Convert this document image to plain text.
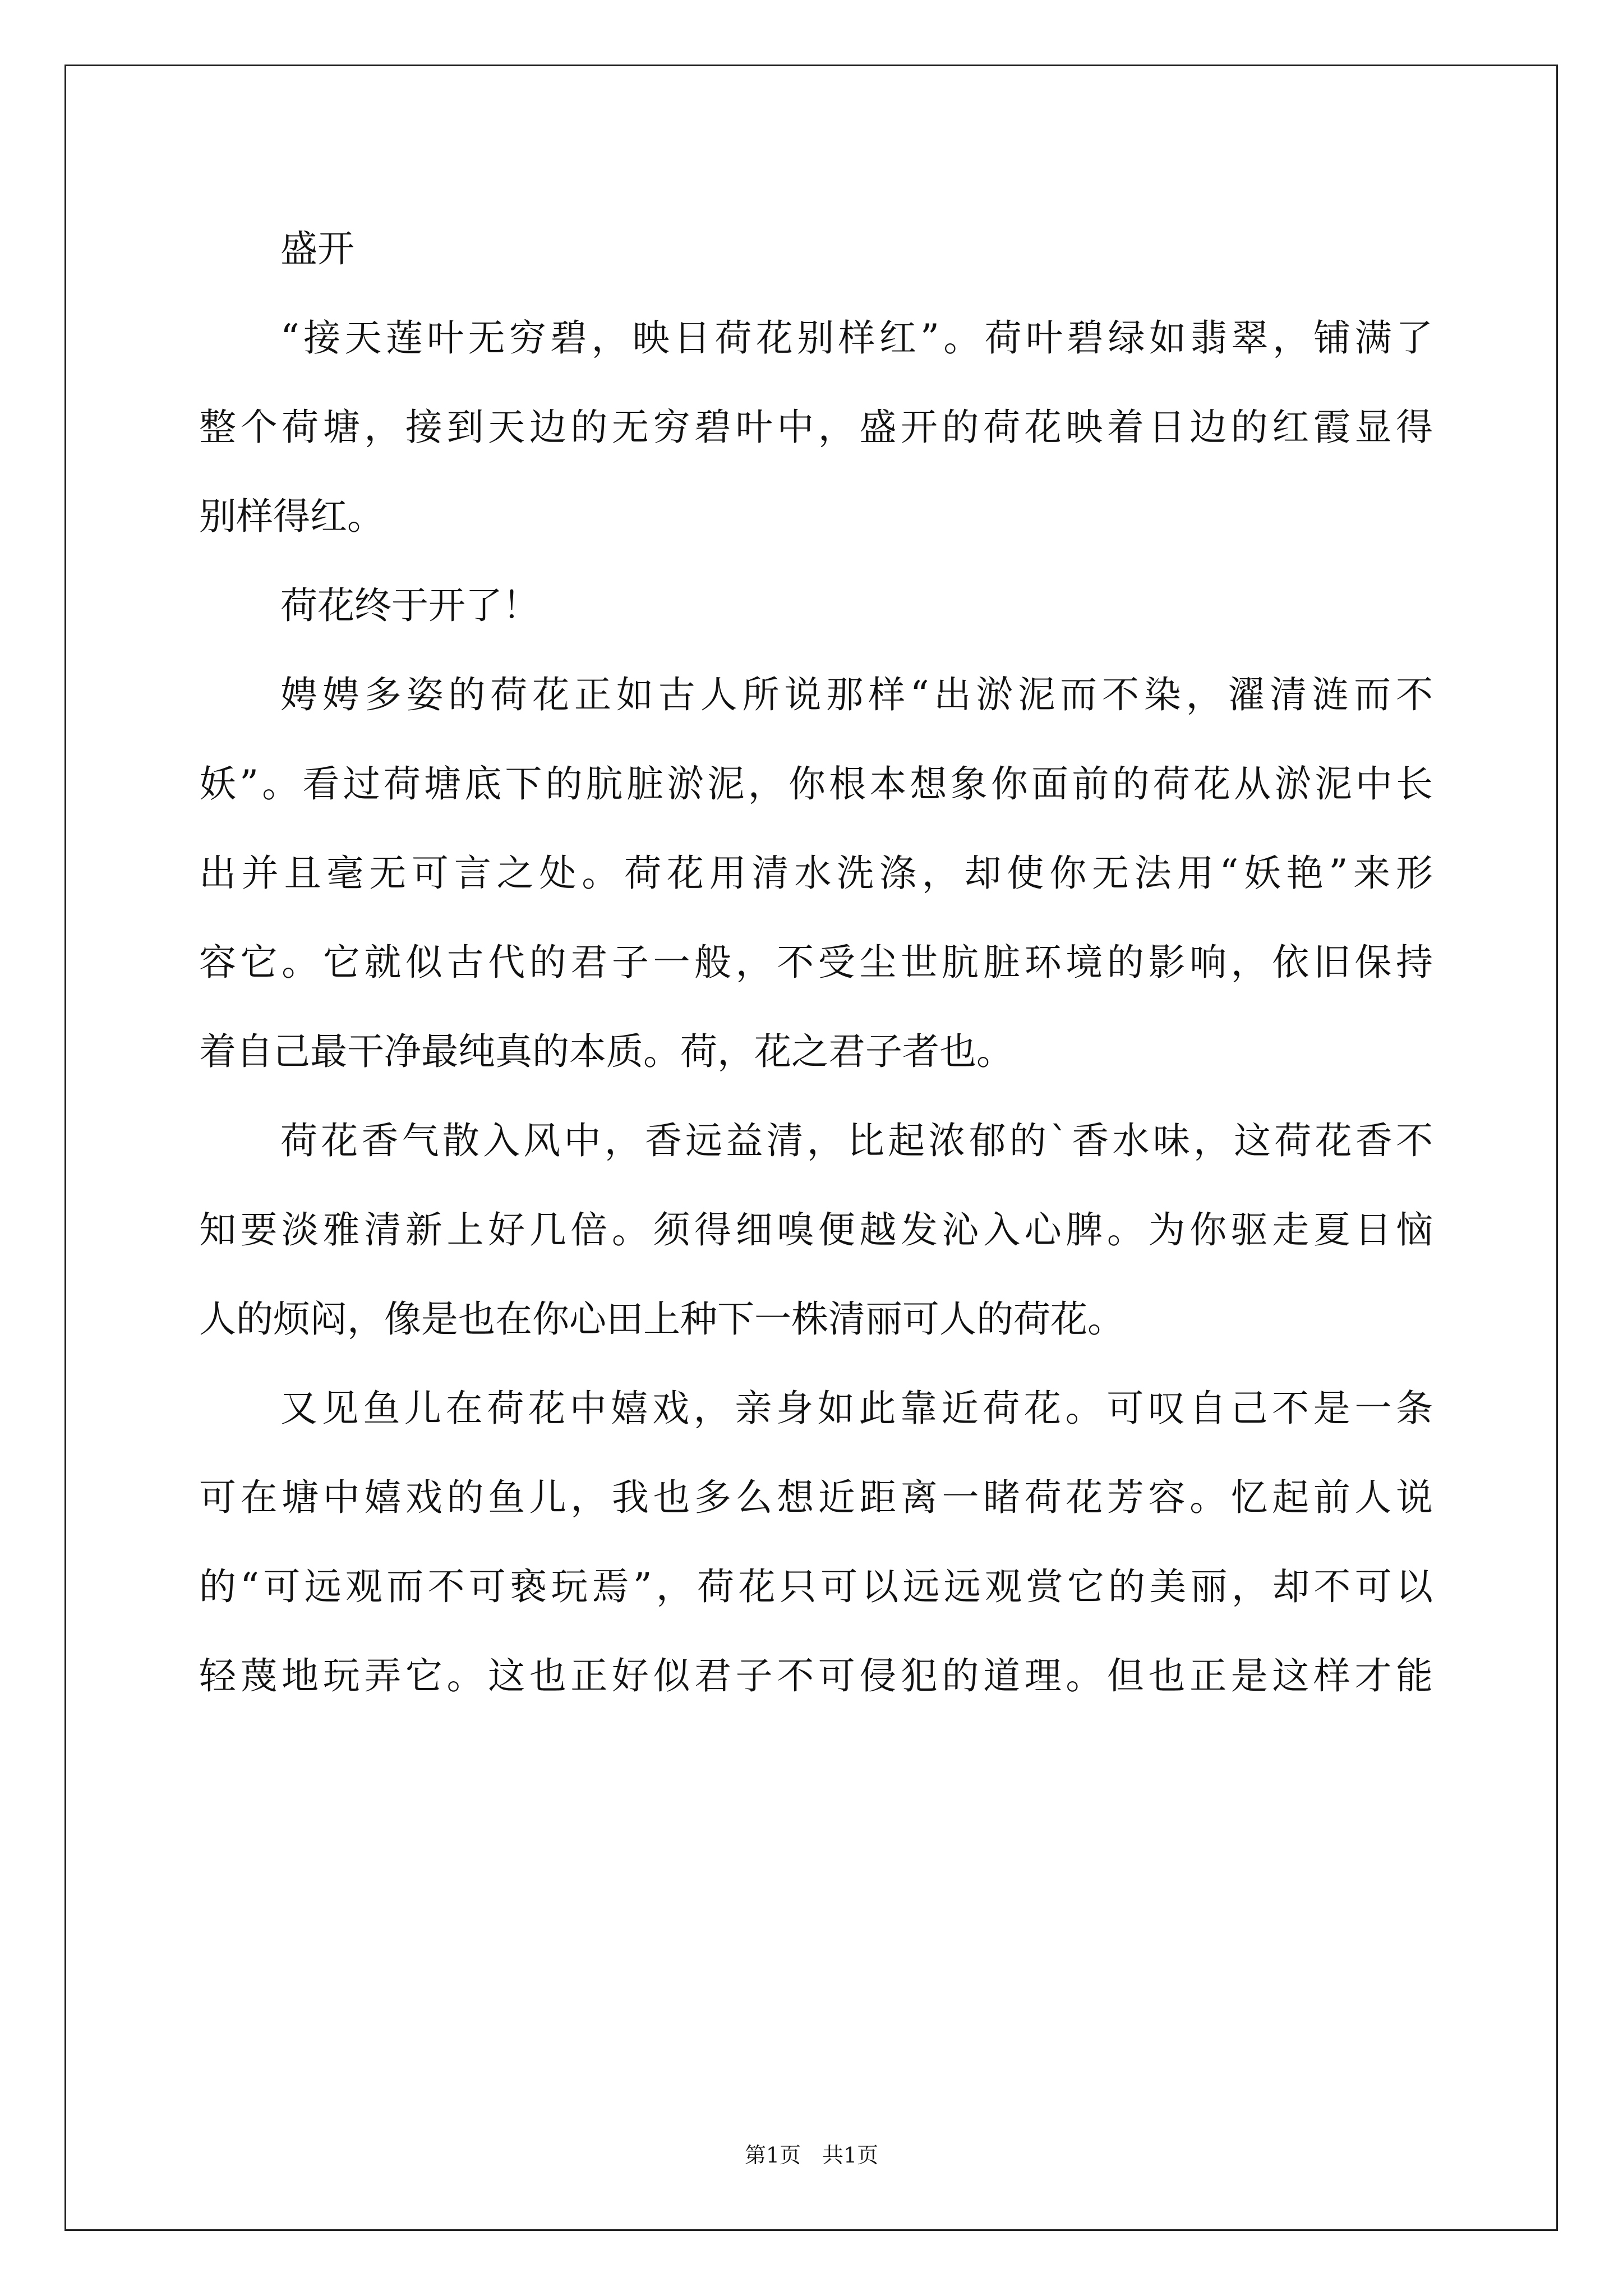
盛开
“接天莲叶无穷碧，映日荷花别样红”。荷叶碧绿如翡翠，铺满了
整个荷塘，接到天边的无穷碧叶中，盛开的荷花映着日边的红霞显得
别样得红。
荷花终于开了！
娉娉多姿的荷花正如古人所说那样“出淤泥而不染，濯清涟而不
妖”。看过荷塘底下的肮脏淤泥，你根本想象你面前的荷花从淤泥中长
出并且毫无可言之处。荷花用清水洗涤，却使你无法用“妖艳”来形
容它。它就似古代的君子一般，不受尘世肮脏环境的影响，依旧保持
着自己最干净最纯真的本质。荷，花之君子者也。
荷花香气散入风中，香远益清，比起浓郁的`香水味，这荷花香不
知要淡雅清新上好几倍。须得细嗅便越发沁入心脾。为你驱走夏日恼
人的烦闷，像是也在你心田上种下一株清丽可人的荷花。
又见鱼儿在荷花中嬉戏，亲身如此靠近荷花。可叹自己不是一条
可在塘中嬉戏的鱼儿，我也多么想近距离一睹荷花芳容。忆起前人说
的“可远观而不可亵玩焉”，荷花只可以远远观赏它的美丽，却不可以
轻蔑地玩弄它。这也正好似君子不可侵犯的道理。但也正是这样才能
第1页　共1页
